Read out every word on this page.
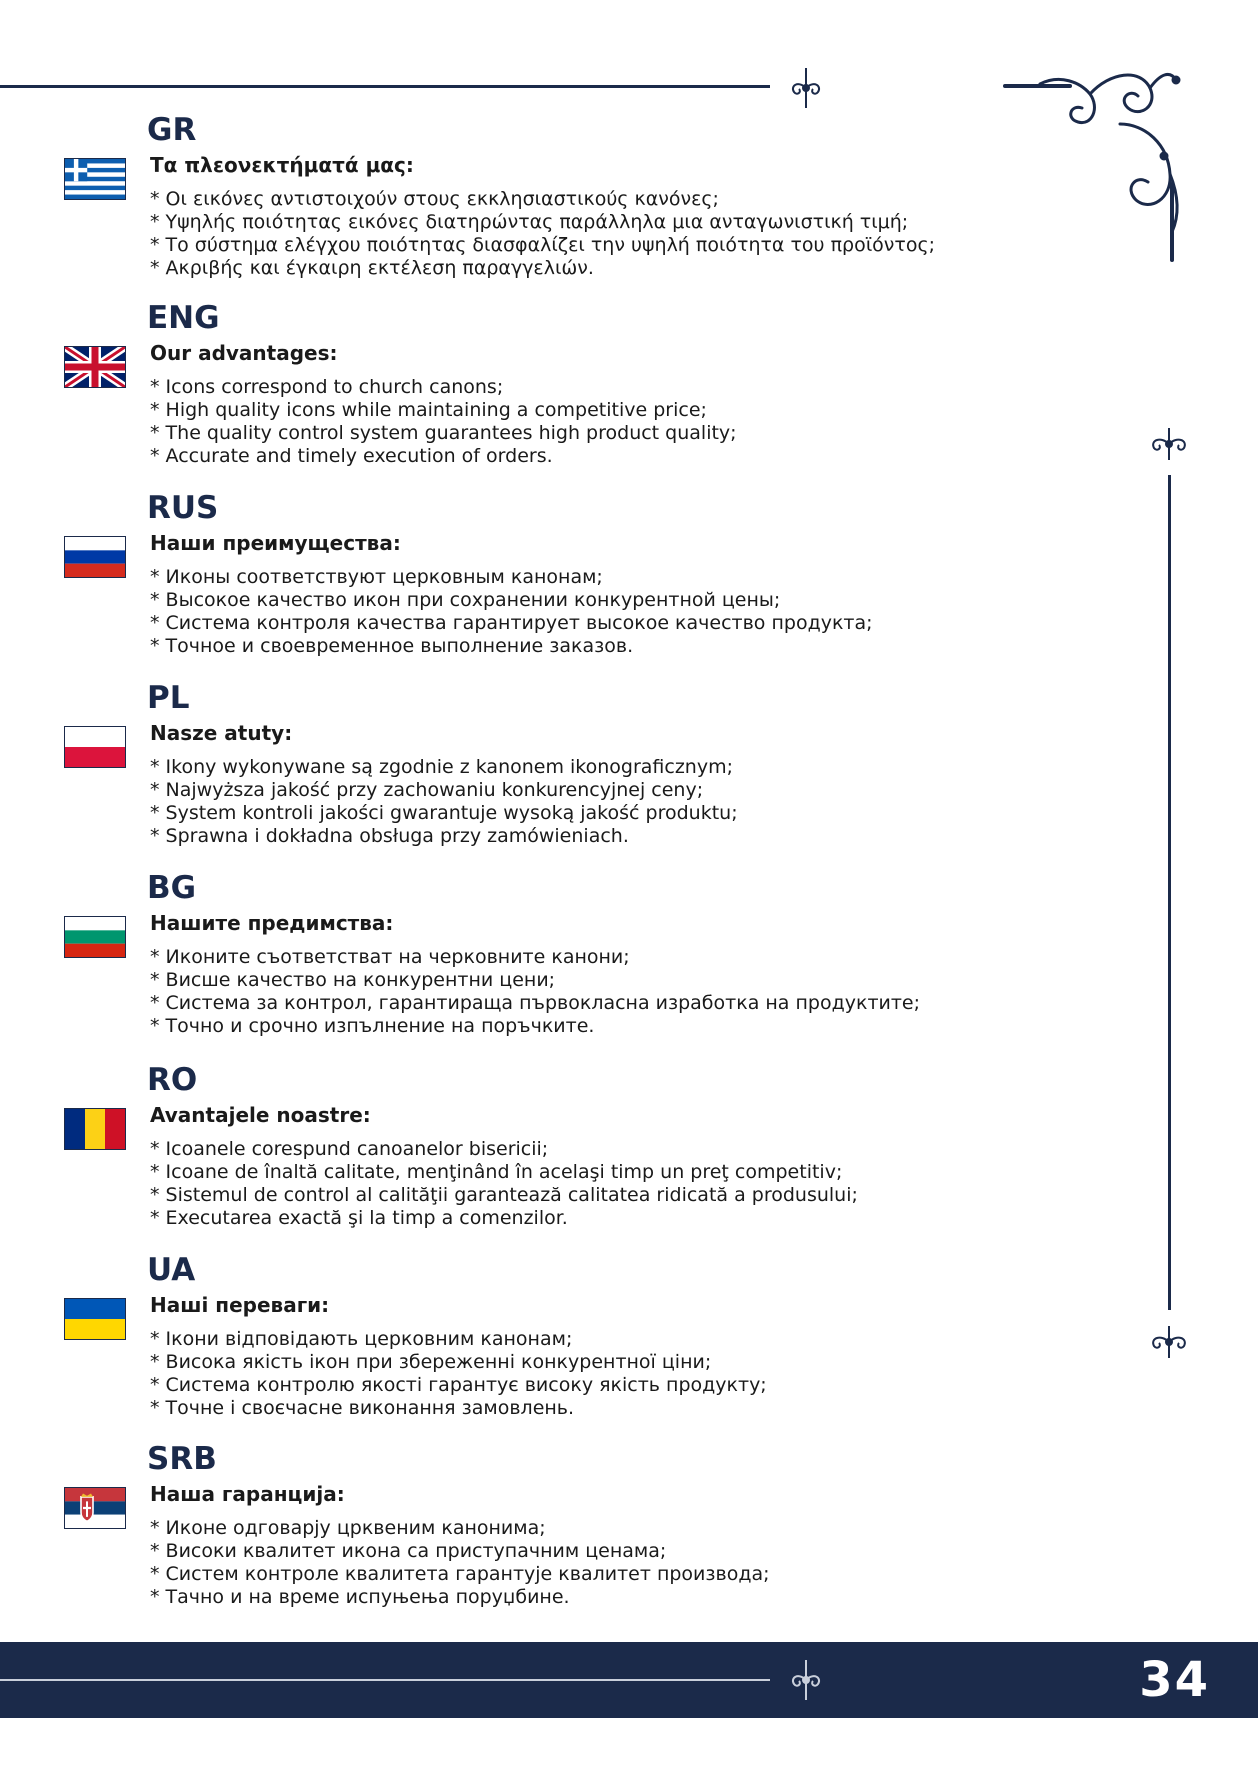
GR
Τα πλεονεκτήματά μας:
* Οι εικόνες αντιστοιχούν στους εκκλησιαστικούς κανόνες;
* Υψηλής ποιότητας εικόνες διατηρώντας παράλληλα μια ανταγωνιστική τιμή;
* Το σύστημα ελέγχου ποιότητας διασφαλίζει την υψηλή ποιότητα του προϊόντος;
* Ακριβής και έγκαιρη εκτέλεση παραγγελιών.
ENG
Our advantages:
* Icons correspond to church canons;
* High quality icons while maintaining a competitive price;
* The quality control system guarantees high product quality;
* Accurate and timely execution of orders.
RUS
Наши преимущества:
* Иконы соответствуют церковным канонам;
* Высокое качество икон при сохранении конкурентной цены;
* Система контроля качества гарантирует высокое качество продукта;
* Точное и своевременное выполнение заказов.
PL
Nasze atuty:
* Ikony wykonywane są zgodnie z kanonem ikonograficznym;
* Najwyższa jakość przy zachowaniu konkurencyjnej ceny;
* System kontroli jakości gwarantuje wysoką jakość produktu;
* Sprawna i dokładna obsługa przy zamówieniach.
BG
Нашите предимства:
* Иконите съответстват на черковните канони;
* Висше качество на конкурентни цени;
* Система за контрол, гарантираща първокласна изработка на продуктите;
* Точно и срочно изпълнение на поръчките.
RO
Avantajele noastre:
* Icoanele corespund canoanelor bisericii;
* Icoane de înaltă calitate, menţinând în acelaşi timp un preţ competitiv;
* Sistemul de control al calităţii garantează calitatea ridicată a produsului;
* Executarea exactă şi la timp a comenzilor.
UA
Наші переваги:
* Ікони відповідають церковним канонам;
* Висока якість ікон при збереженні конкурентної ціни;
* Система контролю якості гарантує високу якість продукту;
* Точне і своєчасне виконання замовлень.
SRB
Наша гаранција:
* Иконе одговарју црквеним канонима;
* Високи квалитет икона са приступачним ценама;
* Систем контроле квалитета гарантује квалитет производа;
* Тачно и на време испуњења поруџбине.
34
